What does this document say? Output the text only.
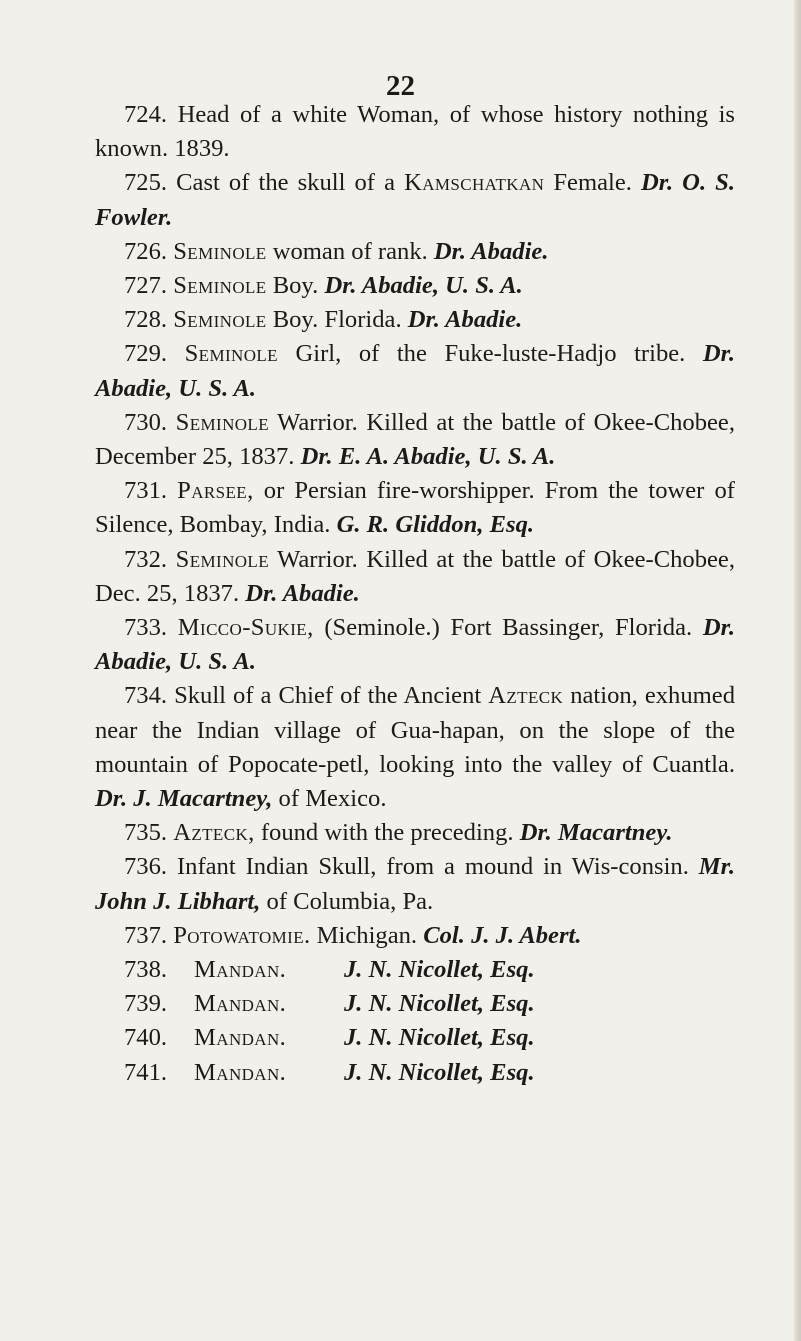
22

724. Head of a white Woman, of whose history nothing is known. 1839.

725. Cast of the skull of a Kamschatkan Female. Dr. O. S. Fowler.

726. Seminole woman of rank. Dr. Abadie.

727. Seminole Boy. Dr. Abadie, U. S. A.

728. Seminole Boy. Florida. Dr. Abadie.

729. Seminole Girl, of the Fuke-luste-Hadjo tribe. Dr. Abadie, U. S. A.

730. Seminole Warrior. Killed at the battle of Okee-Chobee, December 25, 1837. Dr. E. A. Abadie, U. S. A.

731. Parsee, or Persian fire-worshipper. From the tower of Silence, Bombay, India. G. R. Gliddon, Esq.

732. Seminole Warrior. Killed at the battle of Okee-Chobee, Dec. 25, 1837. Dr. Abadie.

733. Micco-Sukie, (Seminole.) Fort Bassinger, Florida. Dr. Abadie, U. S. A.

734. Skull of a Chief of the Ancient Azteck nation, exhumed near the Indian village of Gua-hapan, on the slope of the mountain of Popocate-petl, looking into the valley of Cuantla. Dr. J. Macartney, of Mexico.

735. Azteck, found with the preceding. Dr. Macartney.

736. Infant Indian Skull, from a mound in Wis-consin. Mr. John J. Libhart, of Columbia, Pa.

737. Potowatomie. Michigan. Col. J. J. Abert.

738.	Mandan.	J. N. Nicollet, Esq.

739.	Mandan.	J. N. Nicollet, Esq.

740.	Mandan.	J. N. Nicollet, Esq.

741.	Mandan.	J. N. Nicollet, Esq.
